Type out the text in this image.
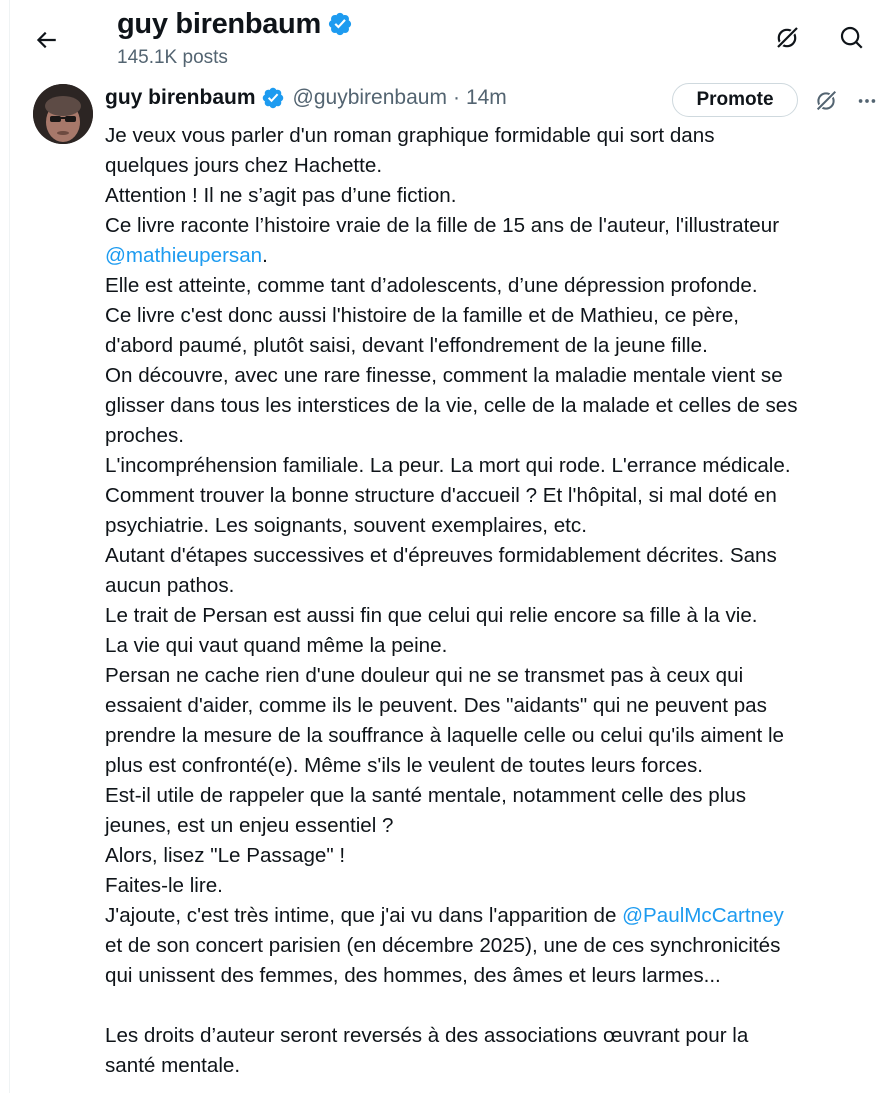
guy birenbaum
145.1K posts
guy birenbaum @guybirenbaum · 14m	Promote
Je veux vous parler d'un roman graphique formidable qui sort dans
quelques jours chez Hachette.
Attention ! Il ne s’agit pas d’une fiction.
Ce livre raconte l’histoire vraie de la fille de 15 ans de l'auteur, l'illustrateur
@mathieupersan.
Elle est atteinte, comme tant d’adolescents, d’une dépression profonde.
Ce livre c'est donc aussi l'histoire de la famille et de Mathieu, ce père,
d'abord paumé, plutôt saisi, devant l'effondrement de la jeune fille.
On découvre, avec une rare finesse, comment la maladie mentale vient se
glisser dans tous les interstices de la vie, celle de la malade et celles de ses
proches.
L'incompréhension familiale. La peur. La mort qui rode. L'errance médicale.
Comment trouver la bonne structure d'accueil ? Et l'hôpital, si mal doté en
psychiatrie. Les soignants, souvent exemplaires, etc.
Autant d'étapes successives et d'épreuves formidablement décrites. Sans
aucun pathos.
Le trait de Persan est aussi fin que celui qui relie encore sa fille à la vie.
La vie qui vaut quand même la peine.
Persan ne cache rien d'une douleur qui ne se transmet pas à ceux qui
essaient d'aider, comme ils le peuvent. Des "aidants" qui ne peuvent pas
prendre la mesure de la souffrance à laquelle celle ou celui qu'ils aiment le
plus est confronté(e). Même s'ils le veulent de toutes leurs forces.
Est-il utile de rappeler que la santé mentale, notamment celle des plus
jeunes, est un enjeu essentiel ?
Alors, lisez "Le Passage" !
Faites-le lire.
J'ajoute, c'est très intime, que j'ai vu dans l'apparition de @PaulMcCartney
et de son concert parisien (en décembre 2025), une de ces synchronicités
qui unissent des femmes, des hommes, des âmes et leurs larmes...
Les droits d’auteur seront reversés à des associations œuvrant pour la
santé mentale.
